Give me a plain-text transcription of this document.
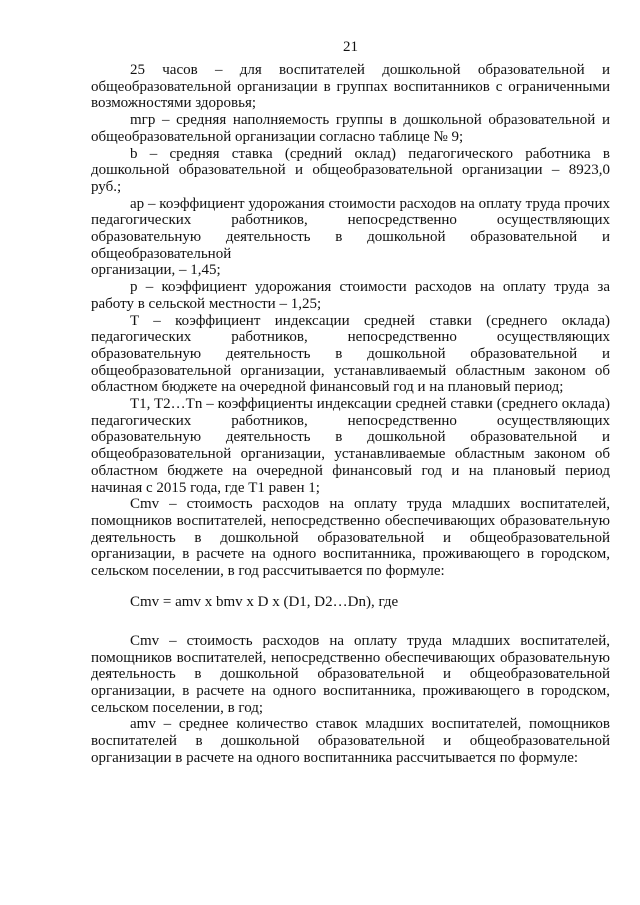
21

25 часов – для воспитателей дошкольной образовательной и общеобразовательной организации в группах воспитанников с ограниченными возможностями здоровья;

mгр – средняя наполняемость группы в дошкольной образовательной и общеобразовательной организации согласно таблице № 9;

b – средняя ставка (средний оклад) педагогического работника в дошкольной образовательной и общеобразовательной организации – 8923,0 руб.;

ap – коэффициент удорожания стоимости расходов на оплату труда прочих педагогических работников, непосредственно осуществляющих образовательную деятельность в дошкольной образовательной и общеобразовательной

организации, – 1,45;

p – коэффициент удорожания стоимости расходов на оплату труда за работу в сельской местности – 1,25;

T – коэффициент индексации средней ставки (среднего оклада) педагогических работников, непосредственно осуществляющих образовательную деятельность в дошкольной образовательной и общеобразовательной организации, устанавливаемый областным законом об областном бюджете на очередной финансовый год и на плановый период;

T1, T2…Tn – коэффициенты индексации средней ставки (среднего оклада) педагогических работников, непосредственно осуществляющих образовательную деятельность в дошкольной образовательной и общеобразовательной организации, устанавливаемые областным законом об областном бюджете на очередной финансовый год и на плановый период начиная с 2015 года, где T1 равен 1;

Cmv – стоимость расходов на оплату труда младших воспитателей, помощников воспитателей, непосредственно обеспечивающих образовательную деятельность в дошкольной образовательной и общеобразовательной организации, в расчете на одного воспитанника, проживающего в городском, сельском поселении, в год рассчитывается по формуле:

Cmv = amv x bmv x D x (D1, D2…Dn), где

Cmv – стоимость расходов на оплату труда младших воспитателей, помощников воспитателей, непосредственно обеспечивающих образовательную деятельность в дошкольной образовательной и общеобразовательной организации, в расчете на одного воспитанника, проживающего в городском, сельском поселении, в год;

amv – среднее количество ставок младших воспитателей, помощников воспитателей в дошкольной образовательной и общеобразовательной организации в расчете на одного воспитанника рассчитывается по формуле:
